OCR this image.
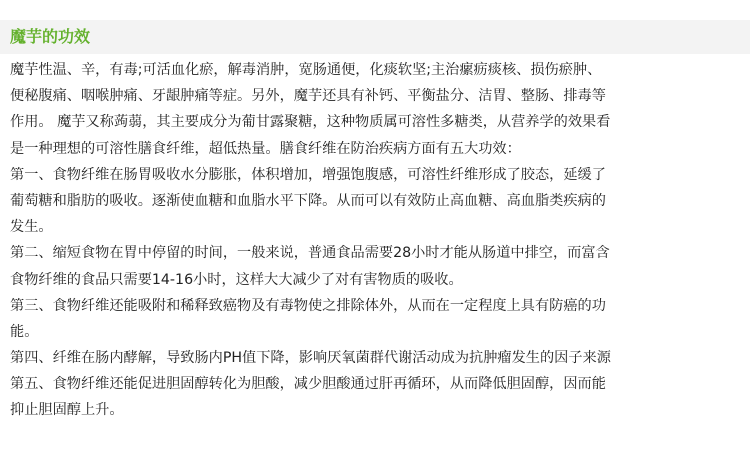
魔芋的功效
魔芋性温、辛，有毒;可活血化瘀，解毒消肿，宽肠通便，化痰软坚;主治瘰疬痰核、损伤瘀肿、
便秘腹痛、咽喉肿痛、牙龈肿痛等症。另外，魔芋还具有补钙、平衡盐分、洁胃、整肠、排毒等
作用。 魔芋又称蒟蒻，其主要成分为葡甘露聚糖，这种物质属可溶性多糖类，从营养学的效果看
是一种理想的可溶性膳食纤维，超低热量。膳食纤维在防治疾病方面有五大功效：
第一、食物纤维在肠胃吸收水分膨胀，体积增加，增强饱腹感，可溶性纤维形成了胶态，延缓了
葡萄糖和脂肪的吸收。逐渐使血糖和血脂水平下降。从而可以有效防止高血糖、高血脂类疾病的
发生。
第二、缩短食物在胃中停留的时间，一般来说，普通食品需要28小时才能从肠道中排空，而富含
食物纤维的食品只需要14-16小时，这样大大减少了对有害物质的吸收。
第三、食物纤维还能吸附和稀释致癌物及有毒物使之排除体外，从而在一定程度上具有防癌的功
能。
第四、纤维在肠内酵解，导致肠内PH值下降，影响厌氧菌群代谢活动成为抗肿瘤发生的因子来源
第五、食物纤维还能促进胆固醇转化为胆酸，减少胆酸通过肝再循环，从而降低胆固醇，因而能
抑止胆固醇上升。
